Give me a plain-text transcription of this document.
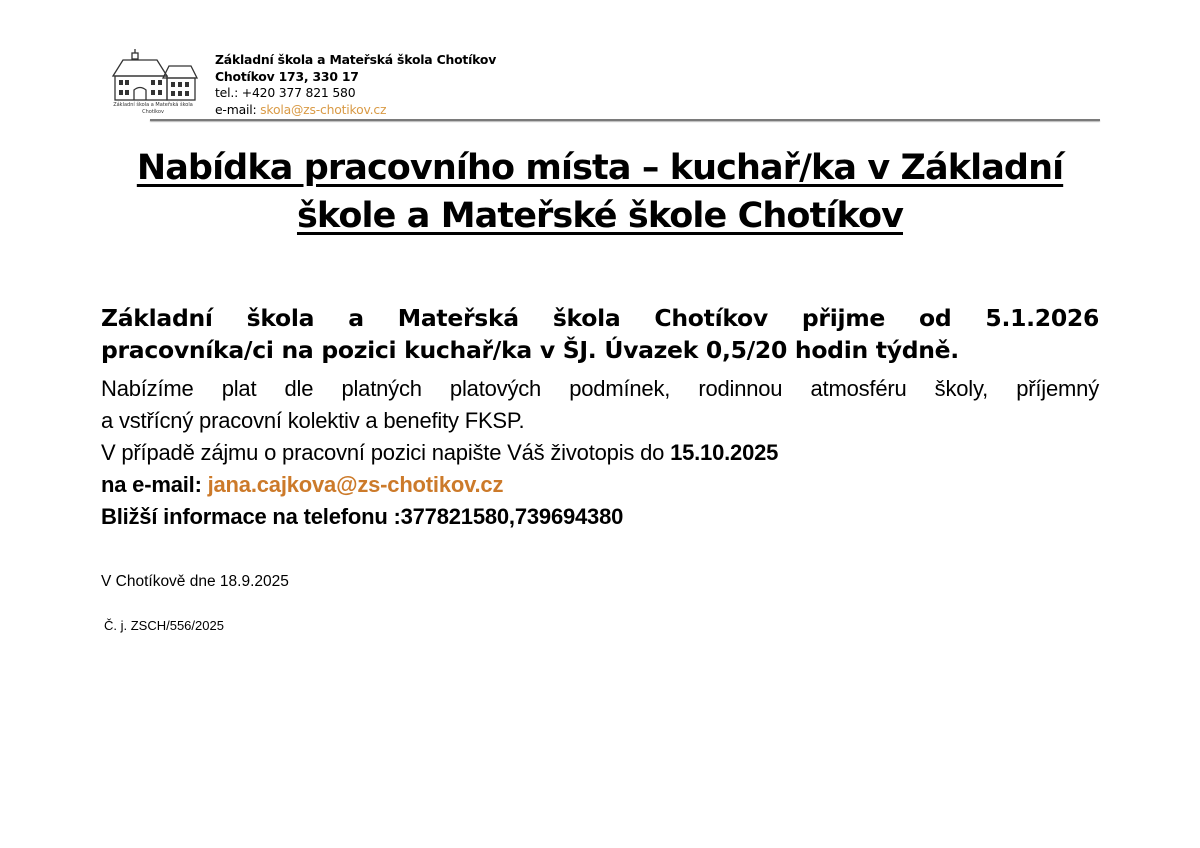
Základní škola a Mateřská škola
Chotíkov
Základní škola a Mateřská škola Chotíkov
Chotíkov 173, 330 17
tel.: +420 377 821 580
e-mail: skola@zs-chotikov.cz
Nabídka pracovního místa – kuchař/ka v Základní
škole a Mateřské škole Chotíkov
Základní škola a Mateřská škola Chotíkov přijme od 5.1.2026
pracovníka/ci na pozici kuchař/ka v ŠJ. Úvazek 0,5/20 hodin týdně.
Nabízíme plat dle platných platových podmínek, rodinnou atmosféru školy, příjemný
a vstřícný pracovní kolektiv a benefity FKSP.
V případě zájmu o pracovní pozici napište Váš životopis do 15.10.2025
na e-mail: jana.cajkova@zs-chotikov.cz
Bližší informace na telefonu :377821580,739694380
V Chotíkově dne 18.9.2025
Č. j. ZSCH/556/2025
